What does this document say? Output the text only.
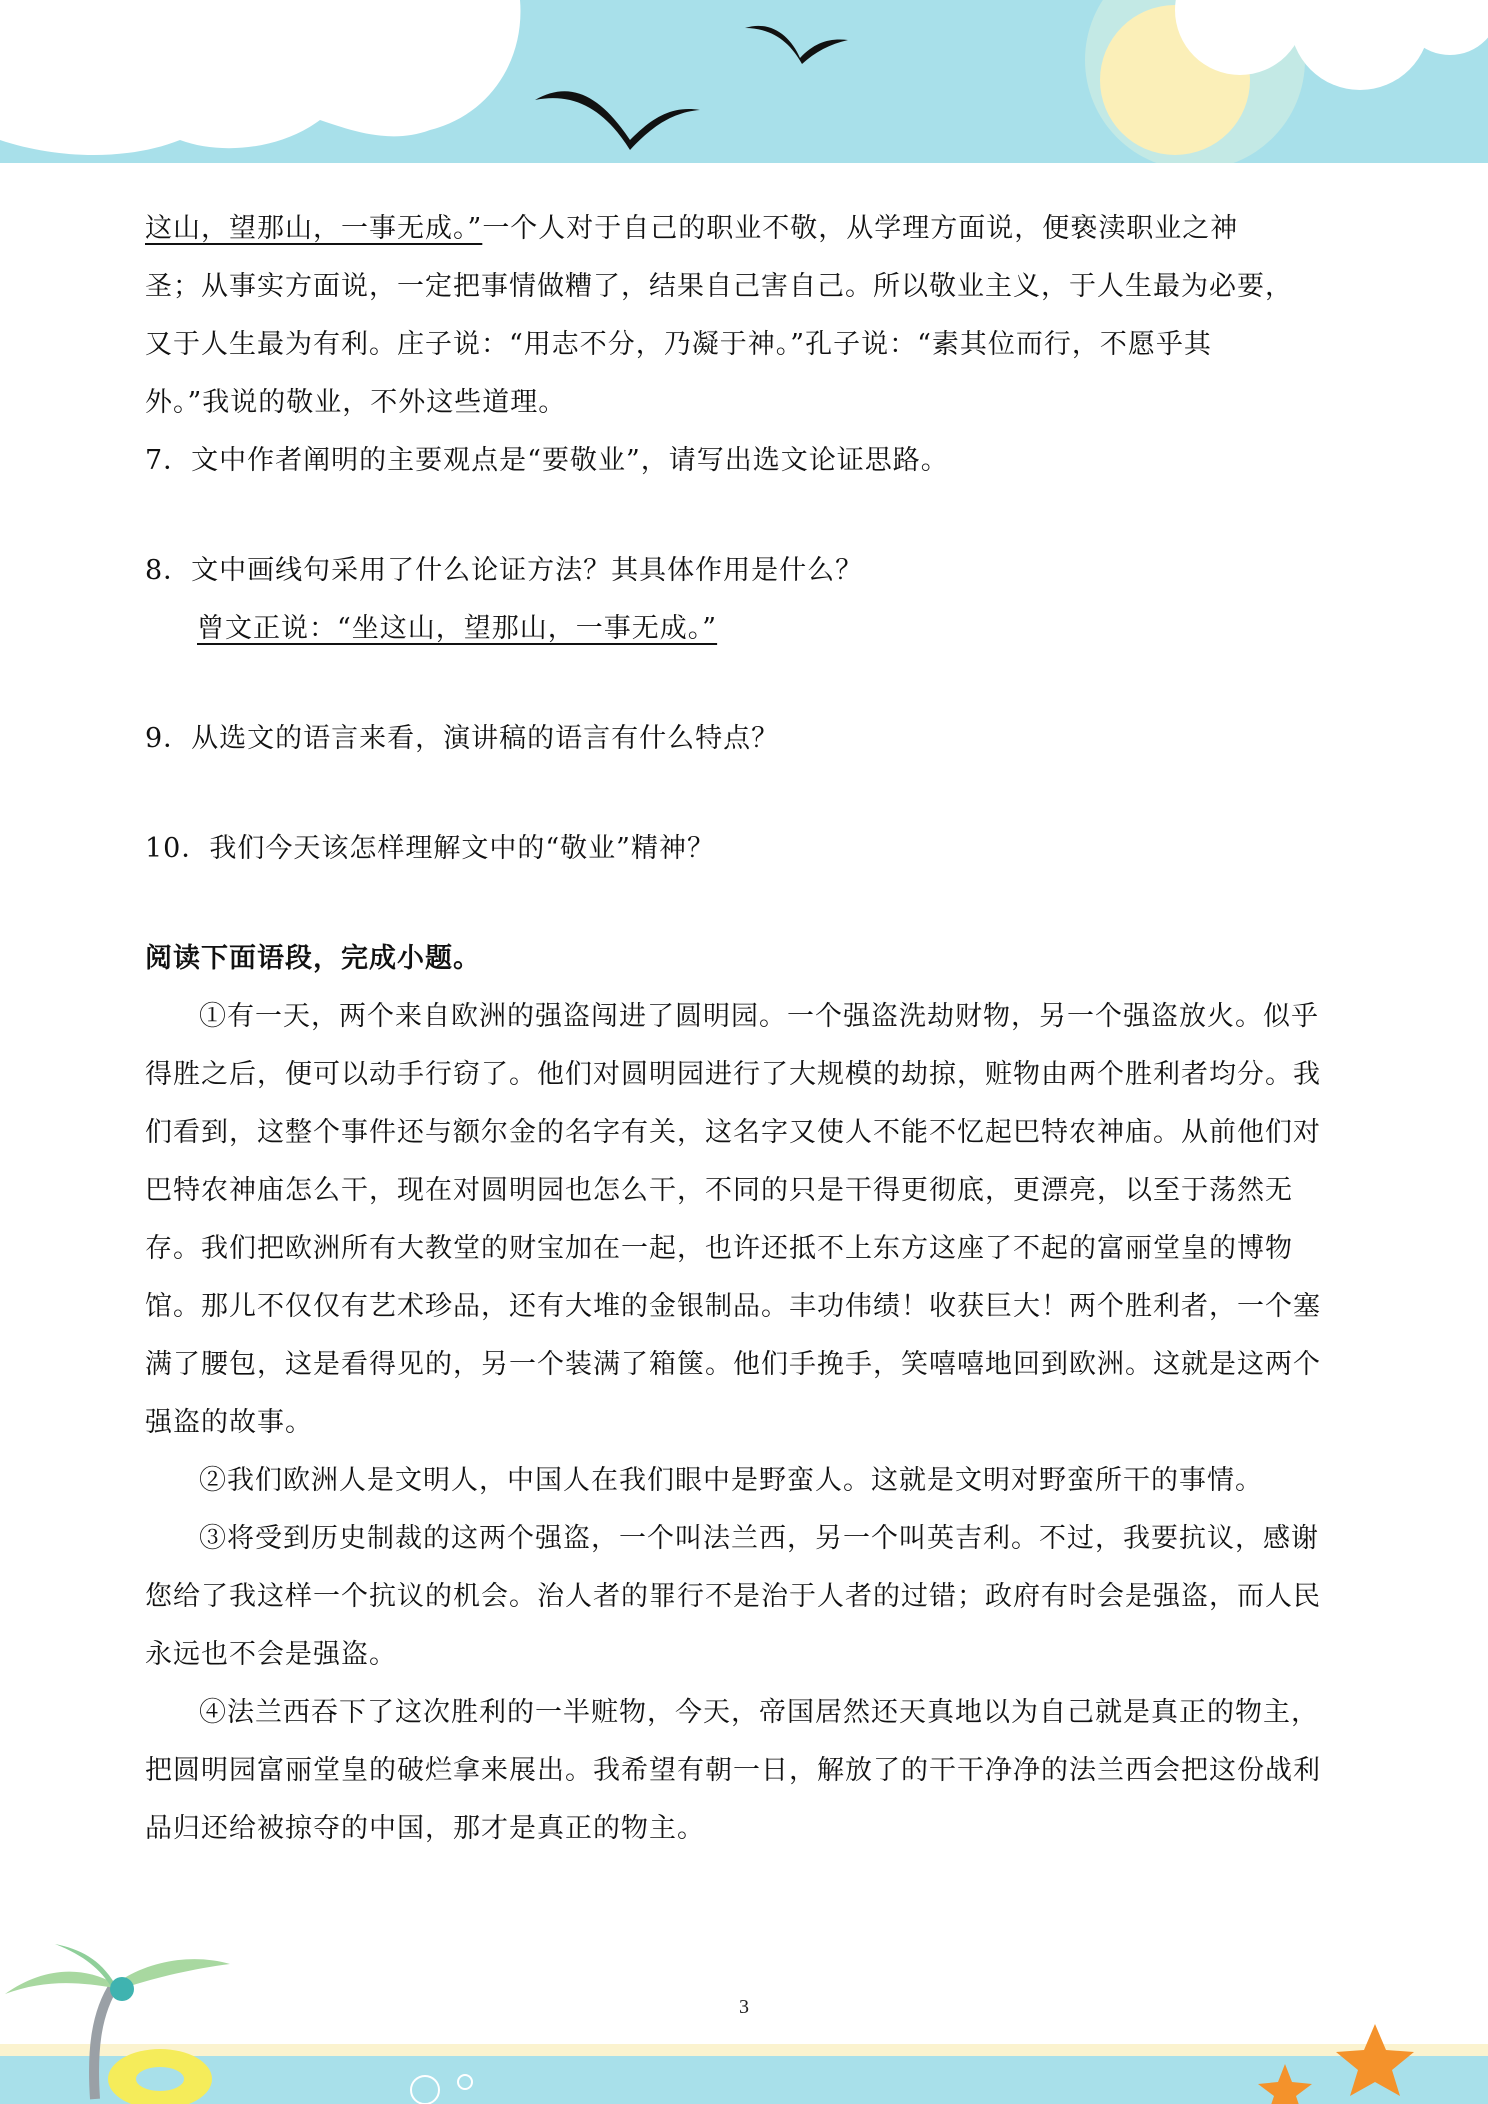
这山，望那山，一事无成。”一个人对于自己的职业不敬，从学理方面说，便亵渎职业之神

圣；从事实方面说，一定把事情做糟了，结果自己害自己。所以敬业主义，于人生最为必要，

又于人生最为有利。庄子说：“用志不分，乃凝于神。”孔子说：“素其位而行，不愿乎其

外。”我说的敬业，不外这些道理。

7．文中作者阐明的主要观点是“要敬业”，请写出选文论证思路。

8．文中画线句采用了什么论证方法？其具体作用是什么？

曾文正说：“坐这山，望那山，一事无成。”

9．从选文的语言来看，演讲稿的语言有什么特点？

10．我们今天该怎样理解文中的“敬业”精神？

阅读下面语段，完成小题。

①有一天，两个来自欧洲的强盗闯进了圆明园。一个强盗洗劫财物，另一个强盗放火。似乎得胜之后，便可以动手行窃了。他们对圆明园进行了大规模的劫掠，赃物由两个胜利者均分。我们看到，这整个事件还与额尔金的名字有关，这名字又使人不能不忆起巴特农神庙。从前他们对巴特农神庙怎么干，现在对圆明园也怎么干，不同的只是干得更彻底，更漂亮，以至于荡然无存。我们把欧洲所有大教堂的财宝加在一起，也许还抵不上东方这座了不起的富丽堂皇的博物馆。那儿不仅仅有艺术珍品，还有大堆的金银制品。丰功伟绩！收获巨大！两个胜利者，一个塞满了腰包，这是看得见的，另一个装满了箱箧。他们手挽手，笑嘻嘻地回到欧洲。这就是这两个强盗的故事。

②我们欧洲人是文明人，中国人在我们眼中是野蛮人。这就是文明对野蛮所干的事情。

③将受到历史制裁的这两个强盗，一个叫法兰西，另一个叫英吉利。不过，我要抗议，感谢您给了我这样一个抗议的机会。治人者的罪行不是治于人者的过错；政府有时会是强盗，而人民永远也不会是强盗。

④法兰西吞下了这次胜利的一半赃物，今天，帝国居然还天真地以为自己就是真正的物主，把圆明园富丽堂皇的破烂拿来展出。我希望有朝一日，解放了的干干净净的法兰西会把这份战利品归还给被掠夺的中国，那才是真正的物主。

3
